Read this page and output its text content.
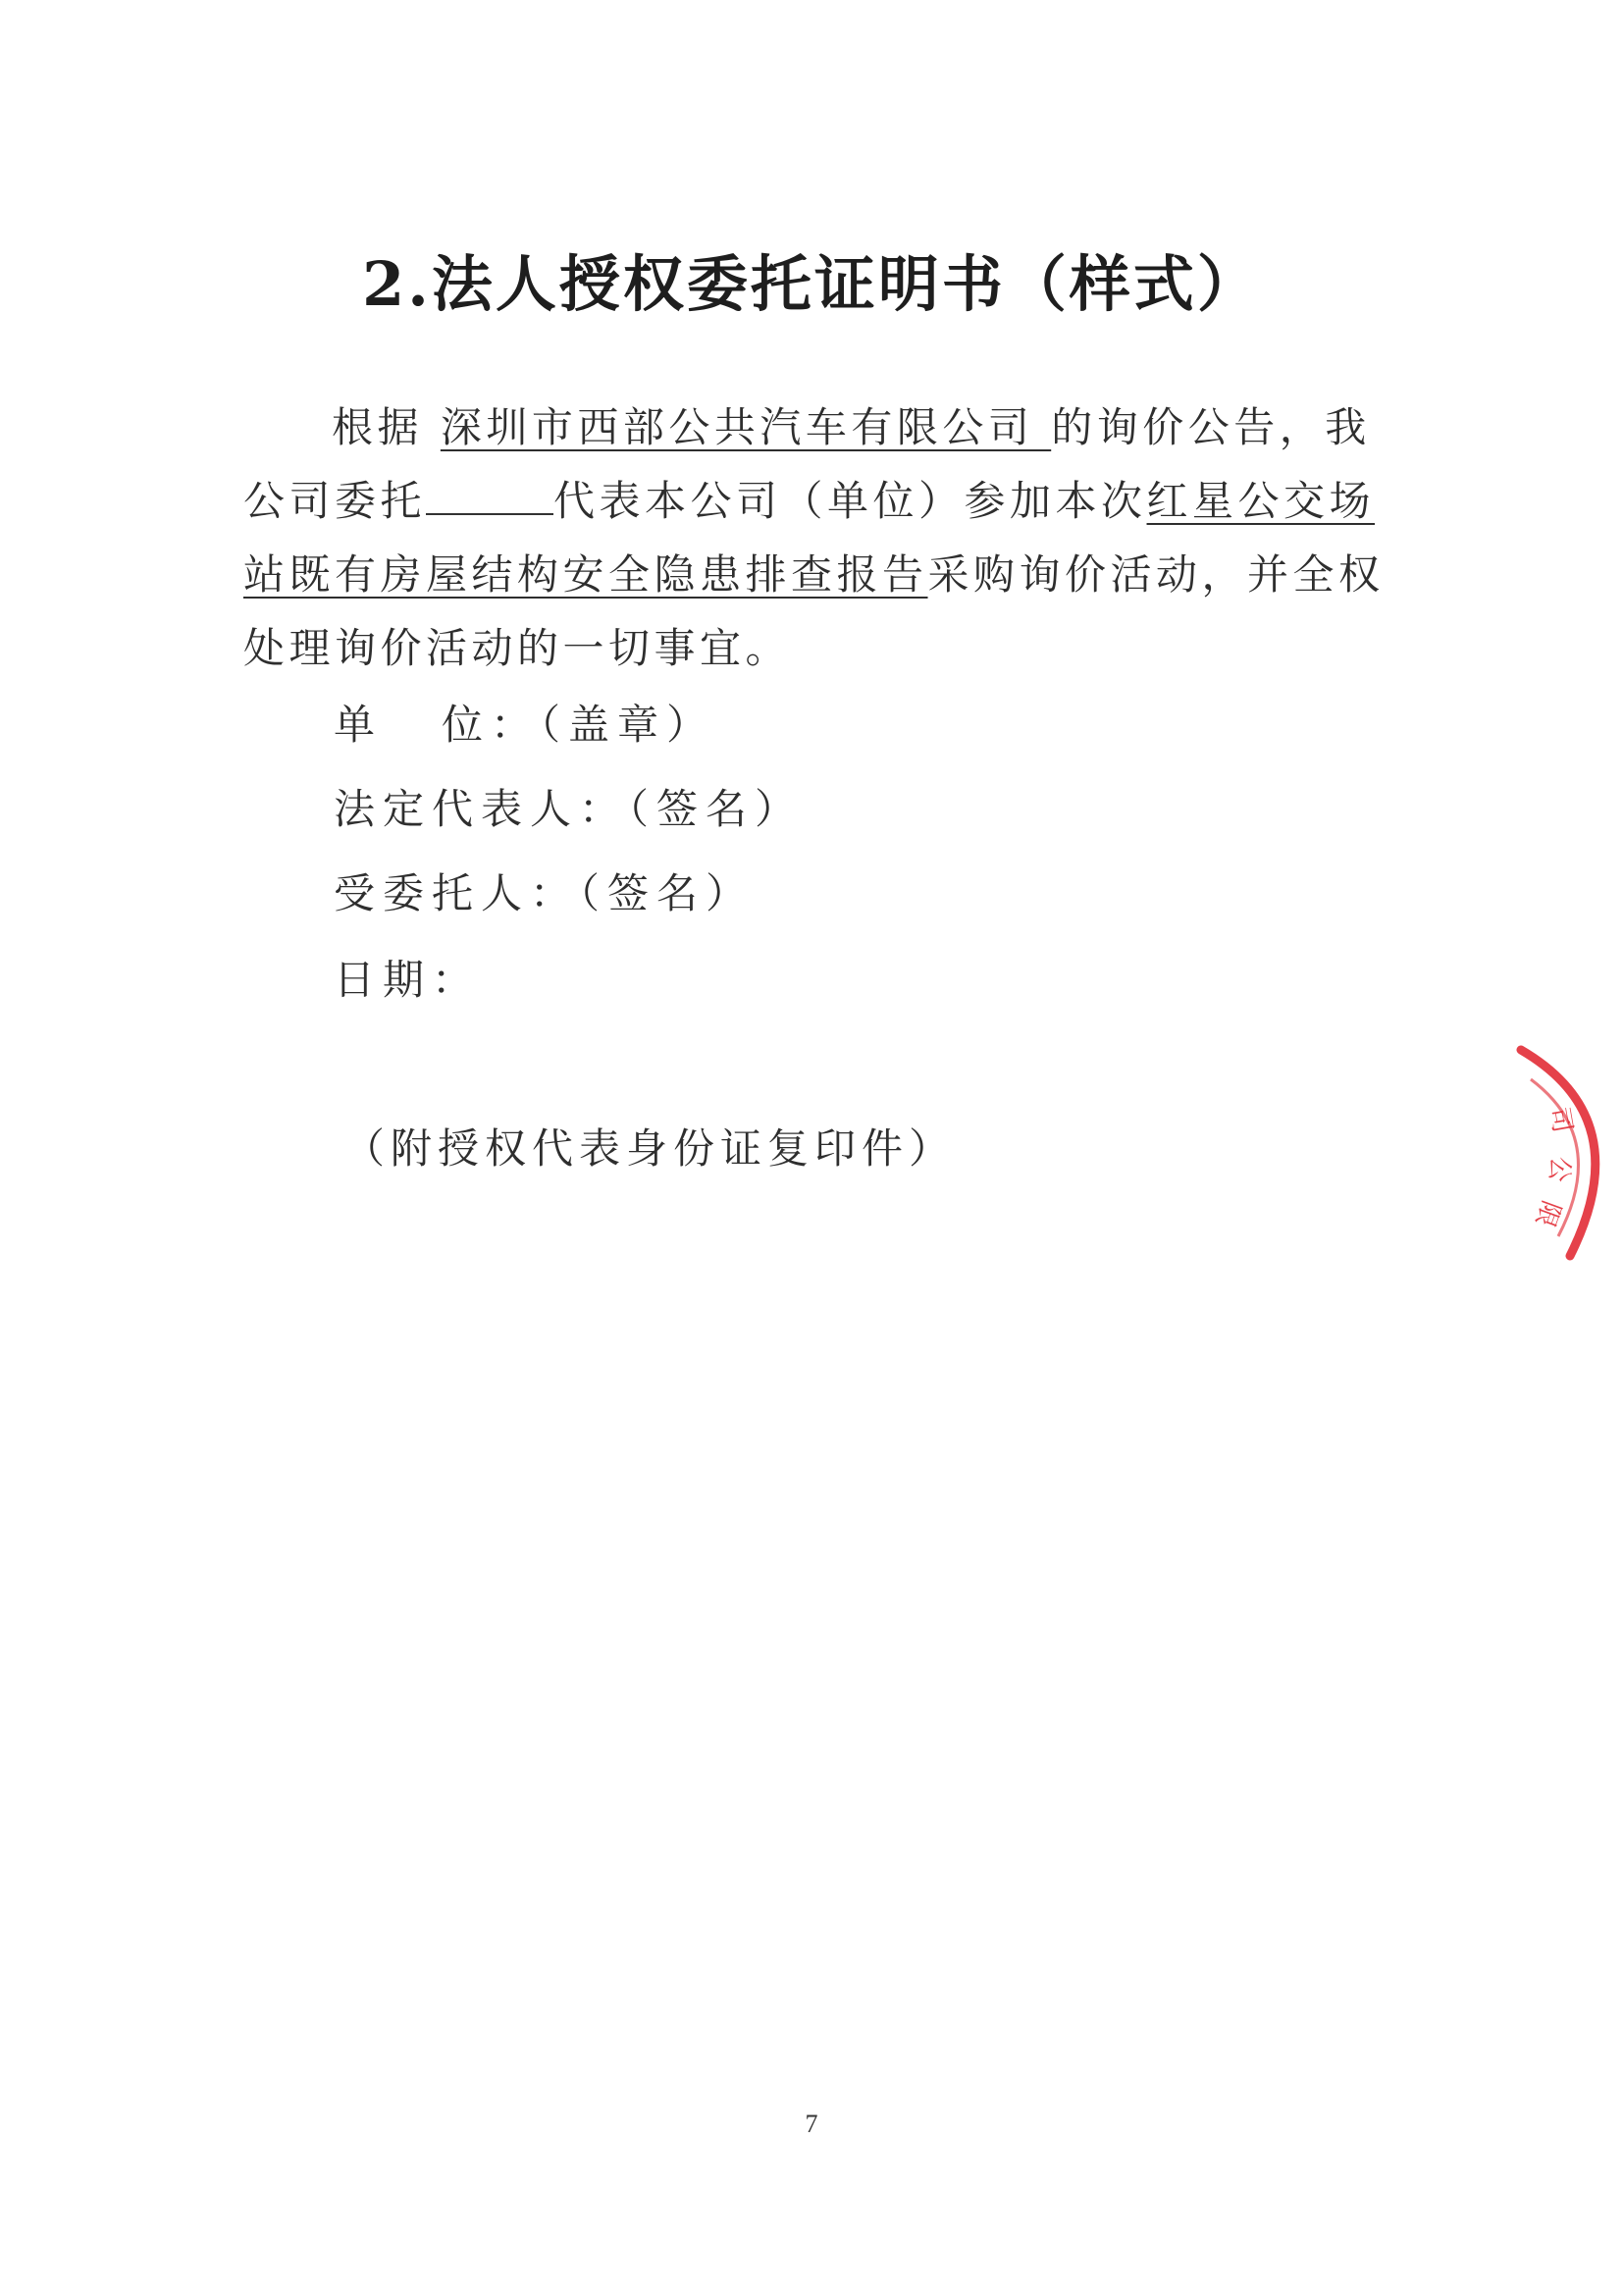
2.法人授权委托证明书（样式）
根据 深圳市西部公共汽车有限公司 的询价公告，我公司委托	代表本公司（单位）参加本次红星公交场站既有房屋结构安全隐患排查报告采购询价活动，并全权处理询价活动的一切事宜。
单 位：（盖章）
法定代表人：（签名）
受委托人：（签名）
日期：
（附授权代表身份证复印件）
司
公
限
7
